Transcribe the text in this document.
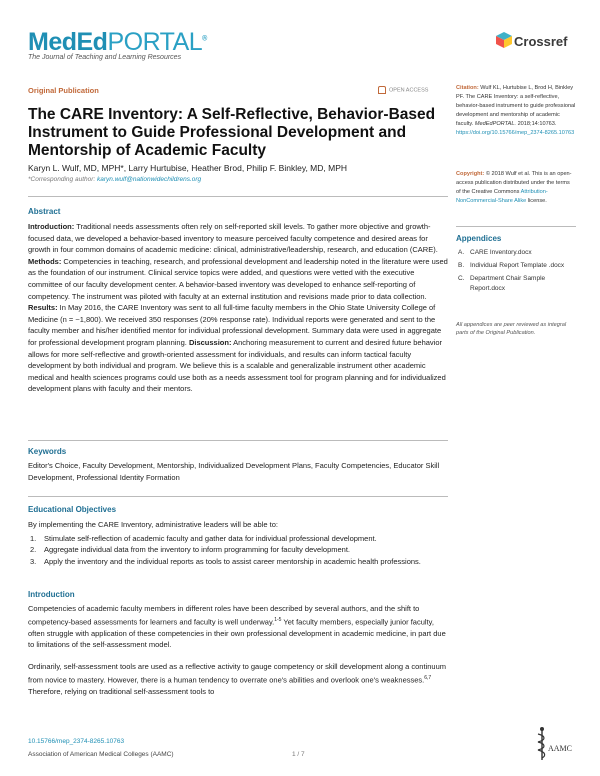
MedEdPORTAL®
The Journal of Teaching and Learning Resources
Crossref
Original Publication	OPEN ACCESS
The CARE Inventory: A Self-Reflective, Behavior-Based Instrument to Guide Professional Development and Mentorship of Academic Faculty
Karyn L. Wulf, MD, MPH*, Larry Hurtubise, Heather Brod, Philip F. Binkley, MD, MPH
*Corresponding author: karyn.wulf@nationwidechildrens.org
Abstract
Introduction: Traditional needs assessments often rely on self-reported skill levels. To gather more objective and growth-focused data, we developed a behavior-based inventory to measure perceived faculty competence and desired areas for growth in four common domains of academic medicine: clinical, administrative/leadership, research, and education (CARE). Methods: Competencies in teaching, research, and professional development and leadership noted in the literature were used as the foundation of our instrument. Clinical service topics were added, and questions were vetted with the executive committee of our faculty development center. A behavior-based inventory was developed to enhance self-reporting of competency. The instrument was piloted with faculty at an external institution and revisions made prior to data collection. Results: In May 2016, the CARE Inventory was sent to all full-time faculty members in the Ohio State University College of Medicine (n = ~1,800). We received 350 responses (20% response rate). Individual reports were generated and sent to the faculty member and his/her identified mentor for individual professional development. Summary data were used in aggregate for professional development program planning. Discussion: Anchoring measurement to current and desired future behavior allows for more self-reflective and growth-oriented assessment for individuals, and results can inform tactical faculty development by both individual and program. We believe this is a scalable and generalizable instrument other academic medical and health sciences programs could use both as a needs assessment tool for program planning and for individualized development plans with faculty and their mentors.
Keywords
Editor's Choice, Faculty Development, Mentorship, Individualized Development Plans, Faculty Competencies, Educator Skill Development, Professional Identity Formation
Educational Objectives
By implementing the CARE Inventory, administrative leaders will be able to:
1. Stimulate self-reflection of academic faculty and gather data for individual professional development.
2. Aggregate individual data from the inventory to inform programming for faculty development.
3. Apply the inventory and the individual reports as tools to assist career mentorship in academic health professions.
Introduction
Competencies of academic faculty members in different roles have been described by several authors, and the shift to competency-based assessments for learners and faculty is well underway.$^{1-5}$ Yet faculty members, especially junior faculty, often struggle with application of these competencies in their own professional development in academic medicine, in part due to limitations of the self-assessment model.
Ordinarily, self-assessment tools are used as a reflective activity to gauge competency or skill development along a continuum from novice to mastery. However, there is a human tendency to overrate one's abilities and overlook one's weaknesses.$^{6,7}$ Therefore, relying on traditional self-assessment tools to
Citation: Wulf KL, Hurtubise L, Brod H, Binkley PF. The CARE Inventory: a self-reflective, behavior-based instrument to guide professional development and mentorship of academic faculty. MedEdPORTAL. 2018;14:10763. https://doi.org/10.15766/mep_2374-8265.10763
Copyright: © 2018 Wulf et al. This is an open-access publication distributed under the terms of the Creative Commons Attribution-NonCommercial-Share Alike license.
Appendices
A. CARE Inventory.docx
B. Individual Report Template .docx
C. Department Chair Sample Report.docx
All appendices are peer reviewed as integral parts of the Original Publication.
10.15766/mep_2374-8265.10763
Association of American Medical Colleges (AAMC)	1 / 7
AAMC
